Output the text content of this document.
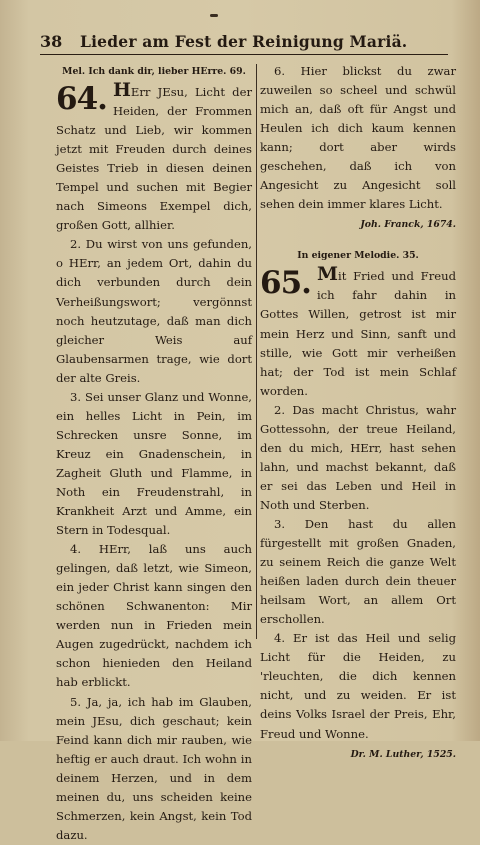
38 Lieder am Fest der Reinigung Mariä.
Mel. Ich dank dir, lieber HErre. 69.

64. HErr JEsu, Licht der Heiden, der Frommen Schatz und Lieb, wir kommen jetzt mit Freuden durch deines Geistes Trieb in diesen deinen Tempel und suchen mit Begier nach Simeons Exempel dich, großen Gott, allhier.

2. Du wirst von uns gefunden, o HErr, an jedem Ort, dahin du dich verbunden durch dein Verheißungswort; vergönnst noch heutzutage, daß man dich gleicher Weis auf Glaubensarmen trage, wie dort der alte Greis.

3. Sei unser Glanz und Wonne, ein helles Licht in Pein, im Schrecken unsre Sonne, im Kreuz ein Gnadenschein, in Zagheit Gluth und Flamme, in Noth ein Freudenstrahl, in Krankheit Arzt und Amme, ein Stern in Todesqual.

4. HErr, laß uns auch gelingen, daß letzt, wie Simeon, ein jeder Christ kann singen den schönen Schwanenton: Mir werden nun in Frieden mein Augen zugedrückt, nachdem ich schon hienieden den Heiland hab erblickt.

5. Ja, ja, ich hab im Glauben, mein JEsu, dich geschaut; kein Feind kann dich mir rauben, wie heftig er auch draut. Ich wohn in deinem Herzen, und in dem meinen du, uns scheiden keine Schmerzen, kein Angst, kein Tod dazu.

6. Hier blickst du zwar zuweilen so scheel und schwül mich an, daß oft für Angst und Heulen ich dich kaum kennen kann; dort aber wirds geschehen, daß ich von Angesicht zu Angesicht soll sehen dein immer klares Licht.

Joh. Franck, 1674.
In eigener Melodie. 35.

65. Mit Fried und Freud ich fahr dahin in Gottes Willen, getrost ist mir mein Herz und Sinn, sanft und stille, wie Gott mir verheißen hat; der Tod ist mein Schlaf worden.

2. Das macht Christus, wahr Gottessohn, der treue Heiland, den du mich, HErr, hast sehen lahn, und machst bekannt, daß er sei das Leben und Heil in Noth und Sterben.

3. Den hast du allen fürgestellt mit großen Gnaden, zu seinem Reich die ganze Welt heißen laden durch dein theuer heilsam Wort, an allem Ort erschollen.

4. Er ist das Heil und selig Licht für die Heiden, zu 'rleuchten, die dich kennen nicht, und zu weiden. Er ist deins Volks Israel der Preis, Ehr, Freud und Wonne.

Dr. M. Luther, 1525.
